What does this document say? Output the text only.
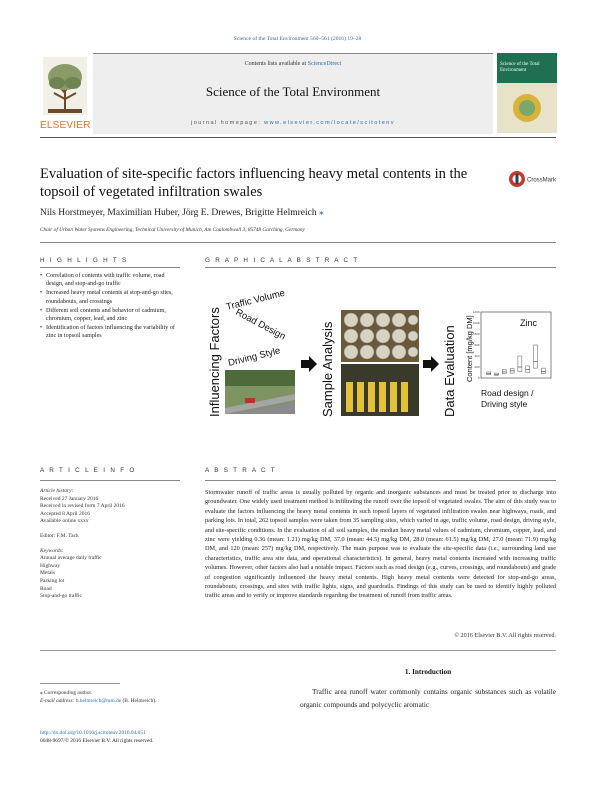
Science of the Total Environment 560–561 (2016) 19–28
ELSEVIER
Contents lists available at ScienceDirect
Science of the Total Environment
journal homepage: www.elsevier.com/locate/scitotenv
Science of the Total Environment
Evaluation of site-specific factors influencing heavy metal contents in the topsoil of vegetated infiltration swales
CrossMark
Nils Horstmeyer, Maximilian Huber, Jörg E. Drewes, Brigitte Helmreich ⁎
Chair of Urban Water Systems Engineering, Technical University of Munich, Am Coulombwall 3, 85748 Garching, Germany
H I G H L I G H T S
• Correlation of contents with traffic volume, road design, and stop-and-go traffic
• Increased heavy metal contents at stop-and-go sites, roundabouts, and crossings
• Different soil contents and behavior of cadmium, chromium, copper, lead, and zinc
• Identification of factors influencing the variability of zinc in topsoil samples
G R A P H I C A L A B S T R A C T
Influencing Factors
Traffic Volume
Road Design
Driving Style	Sample Analysis	Data Evaluation Content [mg/kg DM] 0
200
400
600
800
1000
1200
Zinc
Road design /
Driving style
A R T I C L E I N F O
Article history:
Received 27 January 2016
Received in revised form 7 April 2016
Accepted 8 April 2016
Available online xxxx
Editor: F.M. Tack
Keywords:
Annual average daily traffic
Highway
Metals
Parking lot
Road
Stop-and-go traffic
A B S T R A C T
Stormwater runoff of traffic areas is usually polluted by organic and inorganic substances and must be treated prior to discharge into groundwater. One widely used treatment method is infiltrating the runoff over the topsoil of vegetated swales. The aim of this study was to evaluate the factors influencing the heavy metal contents in such topsoil layers of vegetated infiltration swales near highways, roads, and parking lots. In total, 262 topsoil samples were taken from 35 sampling sites, which varied in age, traffic volume, road design, driving style, and site-specific conditions. In the evaluation of all soil samples, the median heavy metal values of cadmium, chromium, copper, lead, and zinc were yielding 0.36 (mean: 1.21) mg/kg DM, 37.0 (mean: 44.5) mg/kg DM, 28.0 (mean: 61.5) mg/kg DM, 27.0 (mean: 71.9) mg/kg DM, and 120 (mean: 257) mg/kg DM, respectively. The main purpose was to evaluate the site-specific data (i.e., surrounding land use characteristics, traffic area site data, and operational characteristics). In general, heavy metal contents increased with increasing traffic volumes. However, other factors also had a notable impact. Factors such as road design (e.g., curves, crossings, and roundabouts) and grade of congestion significantly influenced the heavy metal contents. High heavy metal contents were detected for stop-and-go areas, roundabouts, crossings, and sites with traffic lights, signs, and guardrails. Findings of this study can be used to identify highly polluted traffic areas and to verify or improve standards regarding the treatment of runoff from traffic areas.
© 2016 Elsevier B.V. All rights reserved.
1. Introduction
Traffic area runoff water commonly contains organic substances such as volatile organic compounds and polycyclic aromatic
⁎ Corresponding author.
E-mail address: b.helmreich@tum.de (B. Helmreich).
http://dx.doi.org/10.1016/j.scitotenv.2016.04.051
0048-9697/© 2016 Elsevier B.V. All rights reserved.
